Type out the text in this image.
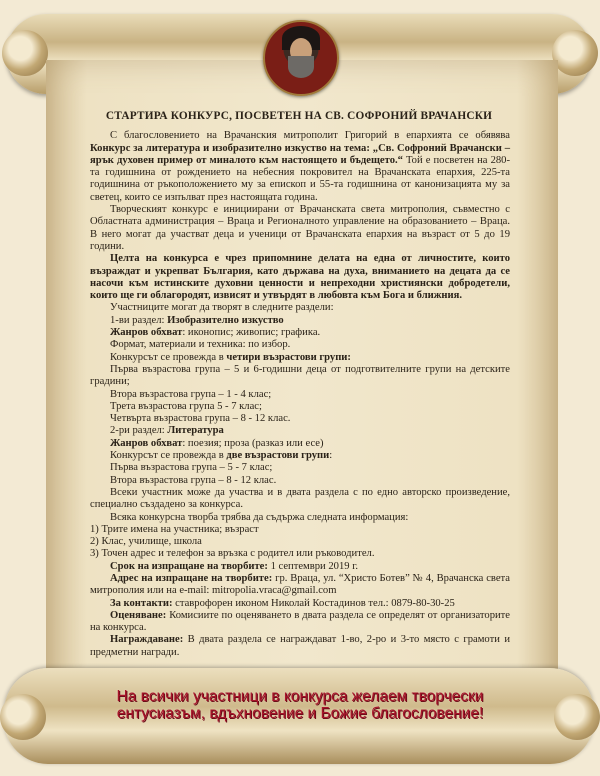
СТАРТИРА КОНКУРС, ПОСВЕТЕН НА СВ. СОФРОНИЙ ВРАЧАНСКИ

С благословението на Врачанския митрополит Григорий в епархията се обявява Конкурс за литература и изобразително изкуство на тема: „Св. Софроний Врачански – ярък духовен пример от миналото към настоящето и бъдещето.“ Той е посветен на 280-та годишнина от рождението на небесния покровител на Врачанската епархия, 225-та годишнина от ръкоположението му за епископ и 55-та годишнина от канонизацията му за светец, които се изпълват през настоящата година.

Творческият конкурс е инициирани от Врачанската света митрополия, съвместно с Областната администрация – Враца и Регионалното управление на образованието – Враца. В него могат да участват деца и ученици от Врачанската епархия на възраст от 5 до 19 години.

Целта на конкурса е чрез припомнине делата на една от личностите, които възраждат и укрепват България, като държава на духа, вниманието на децата да се насочи към истинските духовни ценности и непреходни християнски добродетели, които ще ги облагородят, извисят и утвърдят в любовта към Бога и ближния.

Участниците могат да творят в следните раздели:

1-ви раздел: Изобразително изкуство

Жанров обхват: иконопис; живопис; графика.

Формат, материали и техника: по избор.

Конкурсът се провежда в четири възрастови групи:

Първа възрастова група – 5 и 6-годишни деца от подготвителните групи на детските градини;

Втора възрастова група – 1 - 4 клас;

Трета възрастова група 5 - 7 клас;

Четвърта възрастова група – 8 - 12 клас.

2-ри раздел: Литература

Жанров обхват: поезия; проза (разказ или есе)

Конкурсът се провежда в две възрастови групи:

Първа възрастова група – 5 - 7 клас;

Втора възрастова група – 8 - 12 клас.

Всеки участник може да участва и в двата раздела с по едно авторско произведение, специално създадено за конкурса.

Всяка конкурсна творба трябва да съдържа следната информация:

1) Трите имена на участника; възраст

2) Клас, училище, школа

3) Точен адрес и телефон за връзка с родител или ръководител.

Срок на изпращане на творбите: 1 септември 2019 г.

Адрес на изпращане на творбите: гр. Враца, ул. “Христо Ботев” № 4, Врачанска света митрополия или на e-mail: mitropolia.vraca@gmail.com

За контакти: ставрофорен иконом Николай Костадинов тел.: 0879-80-30-25

Оценяване: Комисиите по оценяването в двата раздела се определят от организаторите на конкурса.

Награждаване: В двата раздела се награждават 1-во, 2-ро и 3-то място с грамоти и предметни награди.

На всички участници в конкурса желаем творчески
ентусиазъм, вдъхновение и Божие благословение!
